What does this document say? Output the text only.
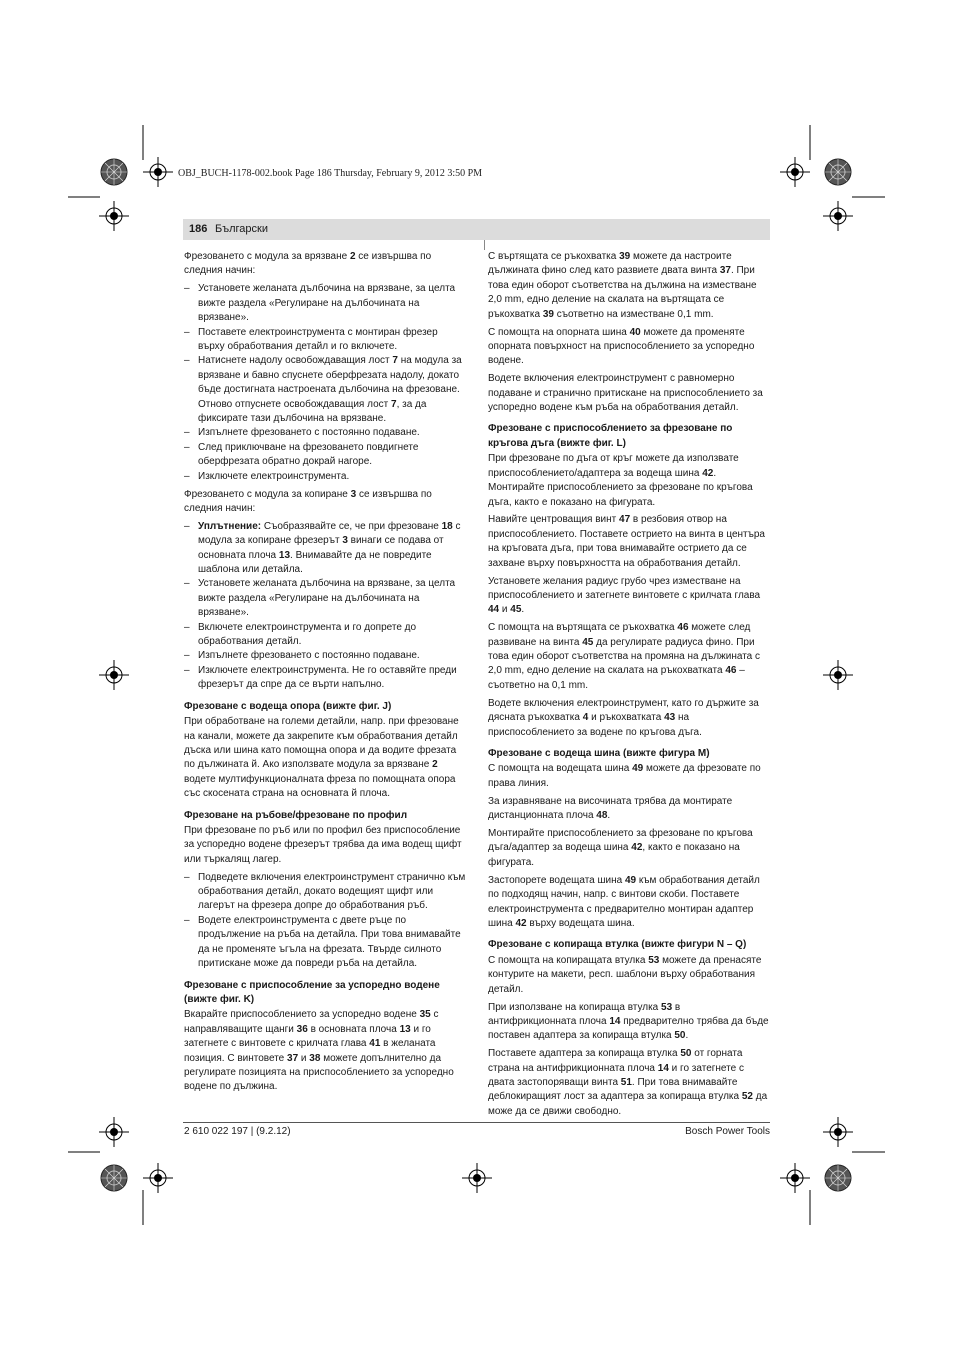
OBJ_BUCH-1178-002.book Page 186 Thursday, February 9, 2012 3:50 PM
186 Български

Фрезоването с модула за врязване 2 се извършва по следния начин:

– Установете желаната дълбочина на врязване, за целта вижте раздела «Регулиране на дълбочината на врязване».
– Поставете електроинструмента с монтиран фрезер върху обработвания детайл и го включете.
– Натиснете надолу освобождаващия лост 7 на модула за врязване и бавно спуснете оберфрезата надолу, докато бъде достигната настроената дълбочина на фрезоване. Отново отпуснете освобождаващия лост 7, за да фиксирате тази дълбочина на врязване.
– Изпълнете фрезоването с постоянно подаване.
– След приключване на фрезоването повдигнете оберфрезата обратно докрай нагоре.
– Изключете електроинструмента.

Фрезоването с модула за копиране 3 се извършва по следния начин:

– Уплътнение: Съобразявайте се, че при фрезоване 18 с модула за копиране фрезерът 3 винаги се подава от основната плоча 13. Внимавайте да не повредите шаблона или детайла.
– Установете желаната дълбочина на врязване, за целта вижте раздела «Регулиране на дълбочината на врязване».
– Включете електроинструмента и го допрете до обработвания детайл.
– Изпълнете фрезоването с постоянно подаване.
– Изключете електроинструмента. Не го оставяйте преди фрезерът да спре да се върти напълно.
Фрезоване с водеща опора (вижте фиг. J)

При обработване на големи детайли, напр. при фрезоване на канали, можете да закрепите към обработвания детайл дъска или шина като помощна опора и да водите фрезата по дължината й. Ако използвате модула за врязване 2 водете мултифункционалната фреза по помощната опора със скосената страна на основната й плоча.

Фрезоване на ръбове/фрезоване по профил

При фрезоване по ръб или по профил без приспособление за успоредно водене фрезерът трябва да има водещ щифт или търкалящ лагер.

– Подведете включения електроинструмент странично към обработвания детайл, докато водещият щифт или лагерът на фрезера допре до обработвания ръб.
– Водете електроинструмента с двете ръце по продължение на ръба на детайла. При това внимавайте да не променяте ъгъла на фрезата. Твърде силното притискане може да повреди ръба на детайла.
Фрезоване с приспособление за успоредно водене (вижте фиг. K)

Вкарайте приспособлението за успоредно водене 35 с направляващите щанги 36 в основната плоча 13 и го затегнете с винтовете с крилчата глава 41 в желаната позиция. С винтовете 37 и 38 можете допълнително да регулирате позицията на приспособлението за успоредно водене по дължина.

С въртящата се ръкохватка 39 можете да настроите дължината фино след като развиете двата винта 37. При това един оборот съответства на дължина на изместване 2,0 mm, едно деление на скалата на въртящата се ръкохватка 39 съответно на изместване 0,1 mm.

С помощта на опорната шина 40 можете да променяте опорната повърхност на приспособлението за успоредно водене.

Водете включения електроинструмент с равномерно подаване и странично притискане на приспособлението за успоредно водене към ръба на обработвания детайл.

Фрезоване с приспособлението за фрезоване по кръгова дъга (вижте фиг. L)

При фрезоване по дъга от кръг можете да използвате приспособлението/адаптера за водеща шина 42. Монтирайте приспособлението за фрезоване по кръгова дъга, както е показано на фигурата.

Навийте центроващия винт 47 в резбовия отвор на приспособлението. Поставете острието на винта в центъра на кръговата дъга, при това внимавайте острието да се захване върху повърхността на обработвания детайл.

Установете желания радиус грубо чрез изместване на приспособлението и затегнете винтовете с крилчата глава 44 и 45.

С помощта на въртящата се ръкохватка 46 можете след развиване на винта 45 да регулирате радиуса фино. При това един оборот съответства на промяна на дължината с 2,0 mm, едно деление на скалата на ръкохватката 46 – съответно на 0,1 mm.

Водете включения електроинструмент, като го държите за дясната ръкохватка 4 и ръкохватката 43 на приспособлението за водене по кръгова дъга.

Фрезоване с водеща шина (вижте фигура M)

С помощта на водещата шина 49 можете да фрезовате по права линия.

За изравняване на височината трябва да монтирате дистанционната плоча 48.

Монтирайте приспособлението за фрезоване по кръгова дъга/адаптер за водеща шина 42, както е показано на фигурата.

Застопорете водещата шина 49 към обработвания детайл по подходящ начин, напр. с винтови скоби. Поставете електроинструмента с предварително монтиран адаптер шина 42 върху водещата шина.

Фрезоване с копираща втулка (вижте фигури N – Q)

С помощта на копиращата втулка 53 можете да пренасяте контурите на макети, респ. шаблони върху обработвания детайл.

При използване на копираща втулка 53 в антифрикционната плоча 14 предварително трябва да бъде поставен адаптера за копираща втулка 50.

Поставете адаптера за копираща втулка 50 от горната страна на антифрикционната плоча 14 и го затегнете с двата застопоряващи винта 51. При това внимавайте деблокиращият лост за адаптера за копираща втулка 52 да може да се движи свободно.

2 610 022 197 | (9.2.12)	Bosch Power Tools
